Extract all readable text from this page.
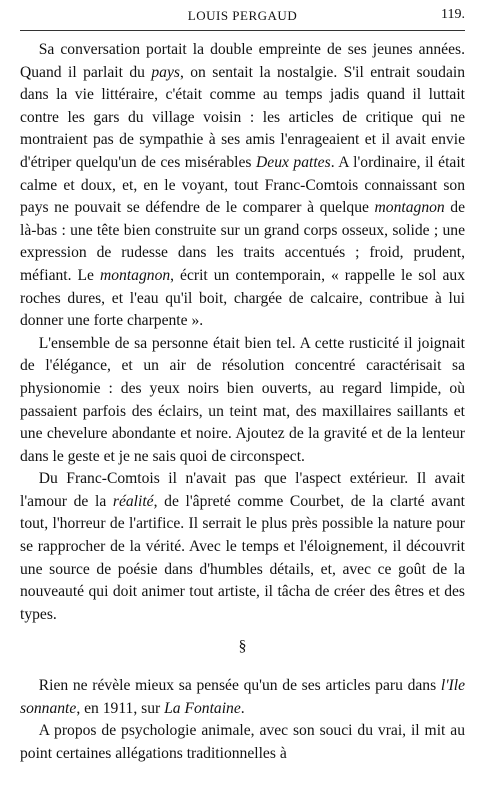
LOUIS PERGAUD	119.

Sa conversation portait la double empreinte de ses jeunes années. Quand il parlait du pays, on sentait la nostalgie. S'il entrait soudain dans la vie littéraire, c'était comme au temps jadis quand il luttait contre les gars du village voisin : les articles de critique qui ne montraient pas de sympathie à ses amis l'enrageaient et il avait envie d'étriper quelqu'un de ces misérables Deux pattes. A l'ordinaire, il était calme et doux, et, en le voyant, tout Franc-Comtois connaissant son pays ne pouvait se défendre de le comparer à quelque montagnon de là-bas : une tête bien construite sur un grand corps osseux, solide ; une expression de rudesse dans les traits accentués ; froid, prudent, méfiant. Le montagnon, écrit un contemporain, « rappelle le sol aux roches dures, et l'eau qu'il boit, chargée de calcaire, contribue à lui donner une forte charpente ».

L'ensemble de sa personne était bien tel. A cette rusticité il joignait de l'élégance, et un air de résolution concentré caractérisait sa physionomie : des yeux noirs bien ouverts, au regard limpide, où passaient parfois des éclairs, un teint mat, des maxillaires saillants et une chevelure abondante et noire. Ajoutez de la gravité et de la lenteur dans le geste et je ne sais quoi de circonspect.

Du Franc-Comtois il n'avait pas que l'aspect extérieur. Il avait l'amour de la réalité, de l'âpreté comme Courbet, de la clarté avant tout, l'horreur de l'artifice. Il serrait le plus près possible la nature pour se rapprocher de la vérité. Avec le temps et l'éloignement, il découvrit une source de poésie dans d'humbles détails, et, avec ce goût de la nouveauté qui doit animer tout artiste, il tâcha de créer des êtres et des types.

§

Rien ne révèle mieux sa pensée qu'un de ses articles paru dans l'Ile sonnante, en 1911, sur La Fontaine.

A propos de psychologie animale, avec son souci du vrai, il mit au point certaines allégations traditionnelles à
